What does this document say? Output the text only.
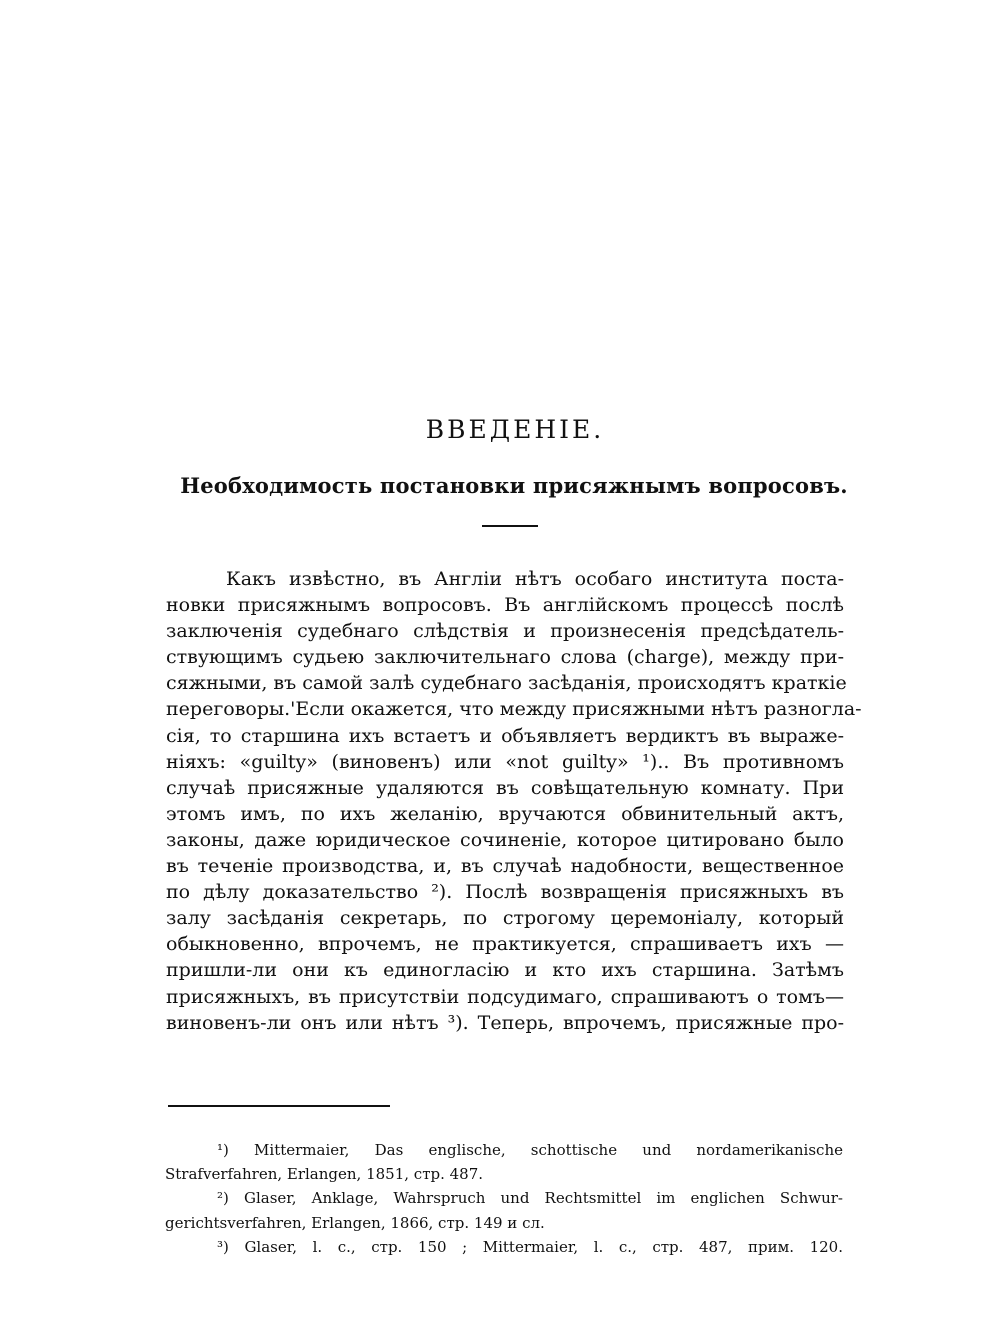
ВВЕДЕНІЕ.
Необходимость постановки присяжнымъ вопросовъ.
Какъ извѣстно, въ Англіи нѣтъ особаго института поста-
новки присяжнымъ вопросовъ. Въ англійскомъ процессѣ послѣ
заключенія судебнаго слѣдствія и произнесенія предсѣдатель-
ствующимъ судьею заключительнаго слова (charge), между при-
сяжными, въ самой залѣ судебнаго засѣданія, происходятъ краткіе
переговоры.'Если окажется, что между присяжными нѣтъ разногла-
сія, то старшина ихъ встаетъ и объявляетъ вердиктъ въ выраже-
ніяхъ: «guilty» (виновенъ) или «not guilty» ¹).. Въ противномъ
случаѣ присяжные удаляются въ совѣщательную комнату. При
этомъ имъ, по ихъ желанію, вручаются обвинительный актъ,
законы, даже юридическое сочиненіе, которое цитировано было
въ теченіе производства, и, въ случаѣ надобности, вещественное
по дѣлу доказательство ²). Послѣ возвращенія присяжныхъ въ
залу засѣданія секретарь, по строгому церемоніалу, который
обыкновенно, впрочемъ, не практикуется, спрашиваетъ ихъ —
пришли-ли они къ единогласію и кто ихъ старшина. Затѣмъ
присяжныхъ, въ присутствіи подсудимаго, спрашиваютъ о томъ—
виновенъ-ли онъ или нѣтъ ³). Теперь, впрочемъ, присяжные про-
¹) Mittermaier, Das englische, schottische und nordamerikanische
Strafverfahren, Erlangen, 1851, стр. 487.
²) Glaser, Anklage, Wahrspruch und Rechtsmittel im englichen Schwur-
gerichtsverfahren, Erlangen, 1866, стр. 149 и сл.
³) Glaser, l. c., стр. 150 ; Mittermaier, l. c., стр. 487, прим. 120.
